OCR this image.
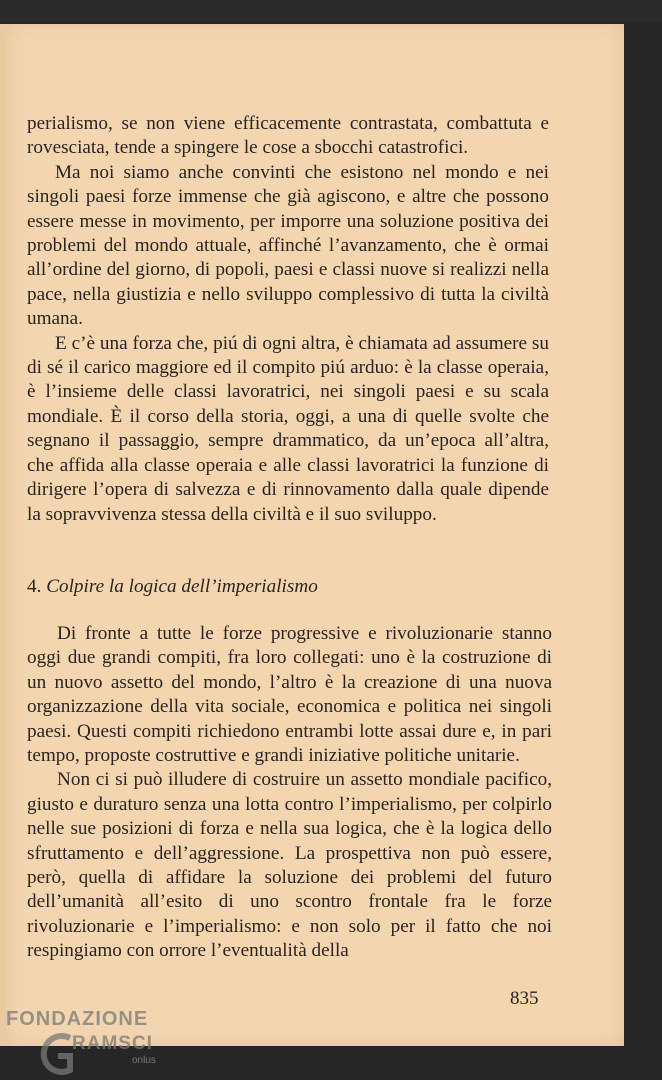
perialismo, se non viene efficacemente contrastata, combattuta e rovesciata, tende a spingere le cose a sbocchi catastrofici.

Ma noi siamo anche convinti che esistono nel mondo e nei singoli paesi forze immense che già agiscono, e altre che possono essere messe in movimento, per imporre una soluzione positiva dei problemi del mondo attuale, affinché l’avanzamento, che è ormai all’ordine del giorno, di popoli, paesi e classi nuove si realizzi nella pace, nella giustizia e nello sviluppo complessivo di tutta la civiltà umana.

E c’è una forza che, piú di ogni altra, è chiamata ad assumere su di sé il carico maggiore ed il compito piú arduo: è la classe operaia, è l’insieme delle classi lavoratrici, nei singoli paesi e su scala mondiale. È il corso della storia, oggi, a una di quelle svolte che segnano il passaggio, sempre drammatico, da un’epoca all’altra, che affida alla classe operaia e alle classi lavoratrici la funzione di dirigere l’opera di salvezza e di rinnovamento dalla quale dipende la sopravvivenza stessa della civiltà e il suo sviluppo.

4. Colpire la logica dell’imperialismo

Di fronte a tutte le forze progressive e rivoluzionarie stanno oggi due grandi compiti, fra loro collegati: uno è la costruzione di un nuovo assetto del mondo, l’altro è la creazione di una nuova organizzazione della vita sociale, economica e politica nei singoli paesi. Questi compiti richiedono entrambi lotte assai dure e, in pari tempo, proposte costruttive e grandi iniziative politiche unitarie.

Non ci si può illudere di costruire un assetto mondiale pacifico, giusto e duraturo senza una lotta contro l’imperialismo, per colpirlo nelle sue posizioni di forza e nella sua logica, che è la logica dello sfruttamento e dell’aggressione. La prospettiva non può essere, però, quella di affidare la soluzione dei problemi del futuro dell’umanità all’esito di uno scontro frontale fra le forze rivoluzionarie e l’imperialismo: e non solo per il fatto che noi respingiamo con orrore l’eventualità della

835
FONDAZIONE
RAMSCI
onlus
